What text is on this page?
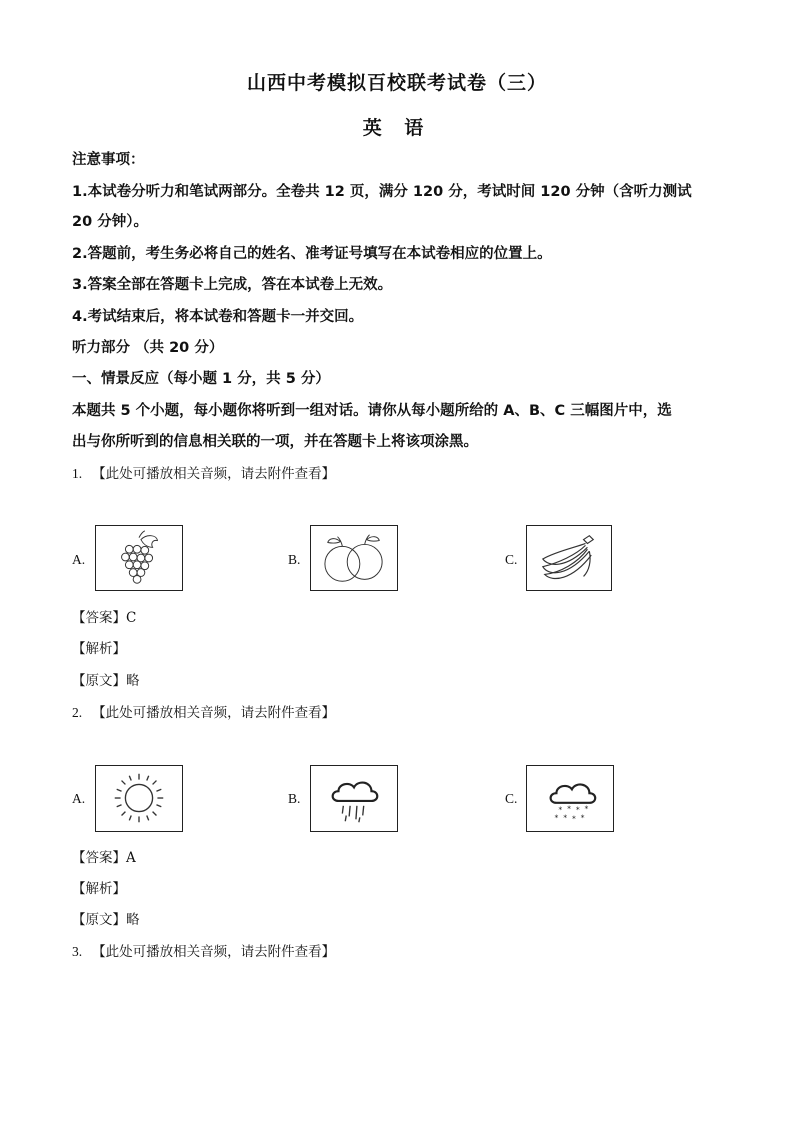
山西中考模拟百校联考试卷（三）
英 语
注意事项：
1.本试卷分听力和笔试两部分。全卷共 12 页，满分 120 分，考试时间 120 分钟（含听力测试
20 分钟）。
2.答题前，考生务必将自己的姓名、准考证号填写在本试卷相应的位置上。
3.答案全部在答题卡上完成，答在本试卷上无效。
4.考试结束后，将本试卷和答题卡一并交回。
听力部分 （共 20 分）
一、情景反应（每小题 1 分，共 5 分）
本题共 5 个小题，每小题你将听到一组对话。请你从每小题所给的 A、B、C 三幅图片中，选
出与你所听到的信息相关联的一项，并在答题卡上将该项涂黑。
1. 【此处可播放相关音频，请去附件查看】
A.	B.	C.
【答案】C
【解析】
【原文】略
2. 【此处可播放相关音频，请去附件查看】
A.	B.	C.
* * * *
* * * *
【答案】A
【解析】
【原文】略
3. 【此处可播放相关音频，请去附件查看】
